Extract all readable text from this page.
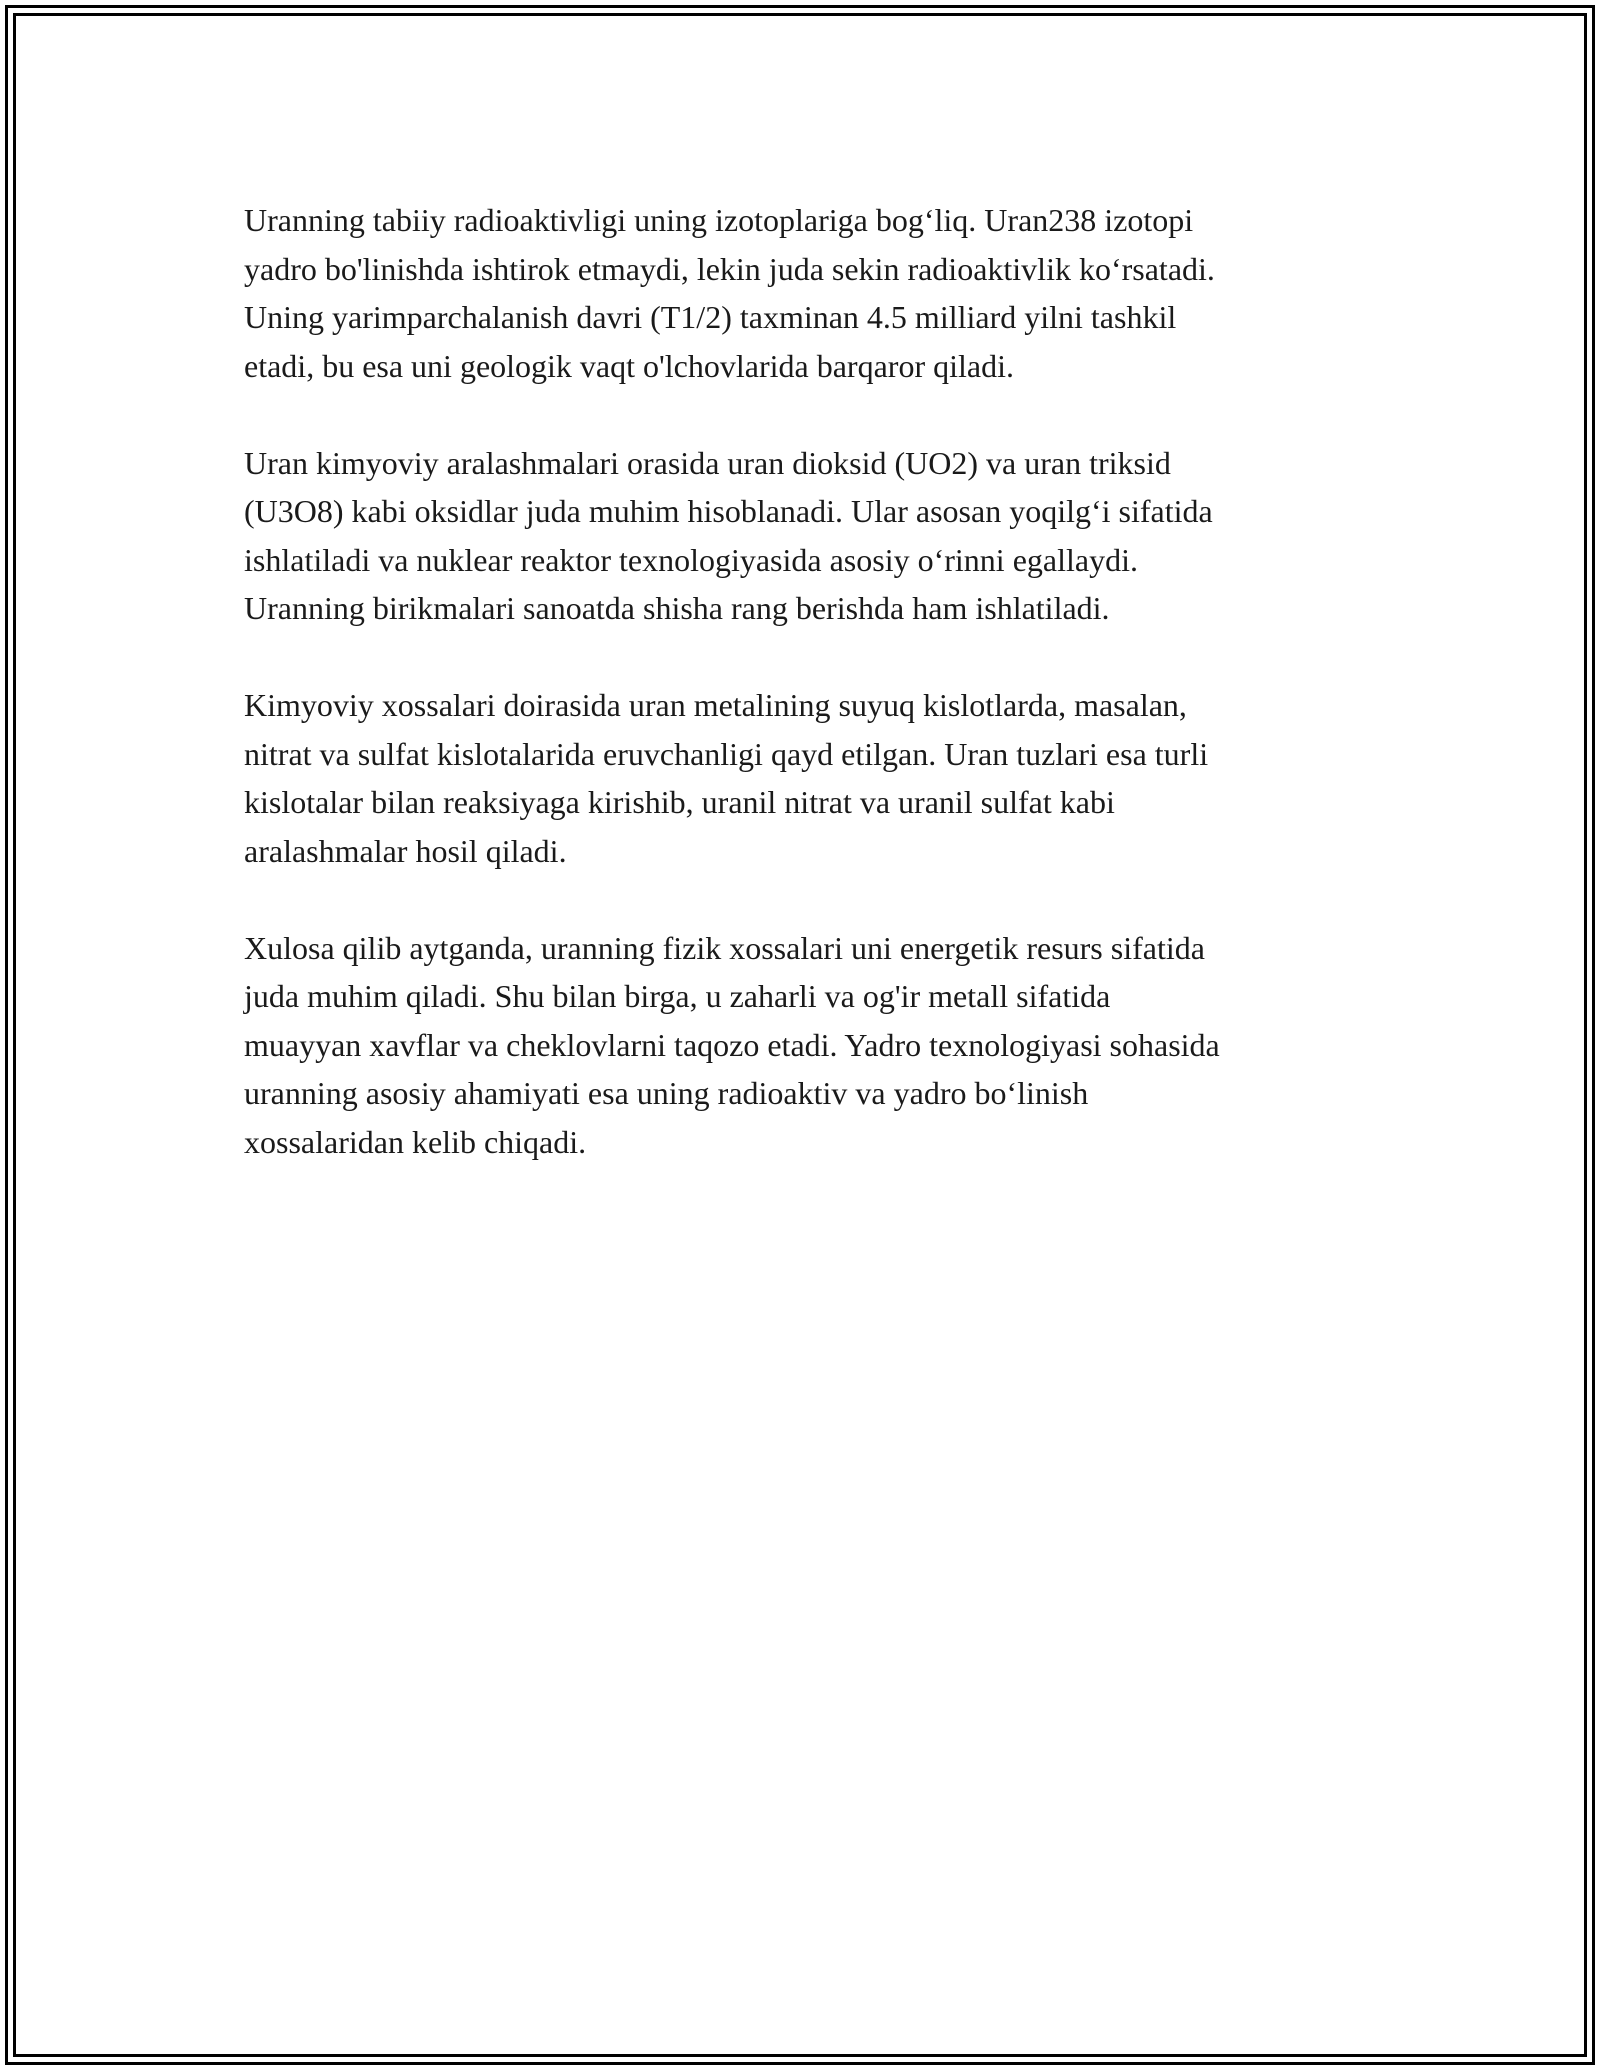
Uranning tabiiy radioaktivligi uning izotoplariga bog‘liq. Uran238 izotopi
yadro bo'linishda ishtirok etmaydi, lekin juda sekin radioaktivlik ko‘rsatadi.
Uning yarimparchalanish davri (T1/2) taxminan 4.5 milliard yilni tashkil
etadi, bu esa uni geologik vaqt o'lchovlarida barqaror qiladi.

Uran kimyoviy aralashmalari orasida uran dioksid (UO2) va uran triksid
(U3O8) kabi oksidlar juda muhim hisoblanadi. Ular asosan yoqilg‘i sifatida
ishlatiladi va nuklear reaktor texnologiyasida asosiy o‘rinni egallaydi.
Uranning birikmalari sanoatda shisha rang berishda ham ishlatiladi.

Kimyoviy xossalari doirasida uran metalining suyuq kislotlarda, masalan,
nitrat va sulfat kislotalarida eruvchanligi qayd etilgan. Uran tuzlari esa turli
kislotalar bilan reaksiyaga kirishib, uranil nitrat va uranil sulfat kabi
aralashmalar hosil qiladi.

Xulosa qilib aytganda, uranning fizik xossalari uni energetik resurs sifatida
juda muhim qiladi. Shu bilan birga, u zaharli va og'ir metall sifatida
muayyan xavflar va cheklovlarni taqozo etadi. Yadro texnologiyasi sohasida
uranning asosiy ahamiyati esa uning radioaktiv va yadro bo‘linish
xossalaridan kelib chiqadi.
